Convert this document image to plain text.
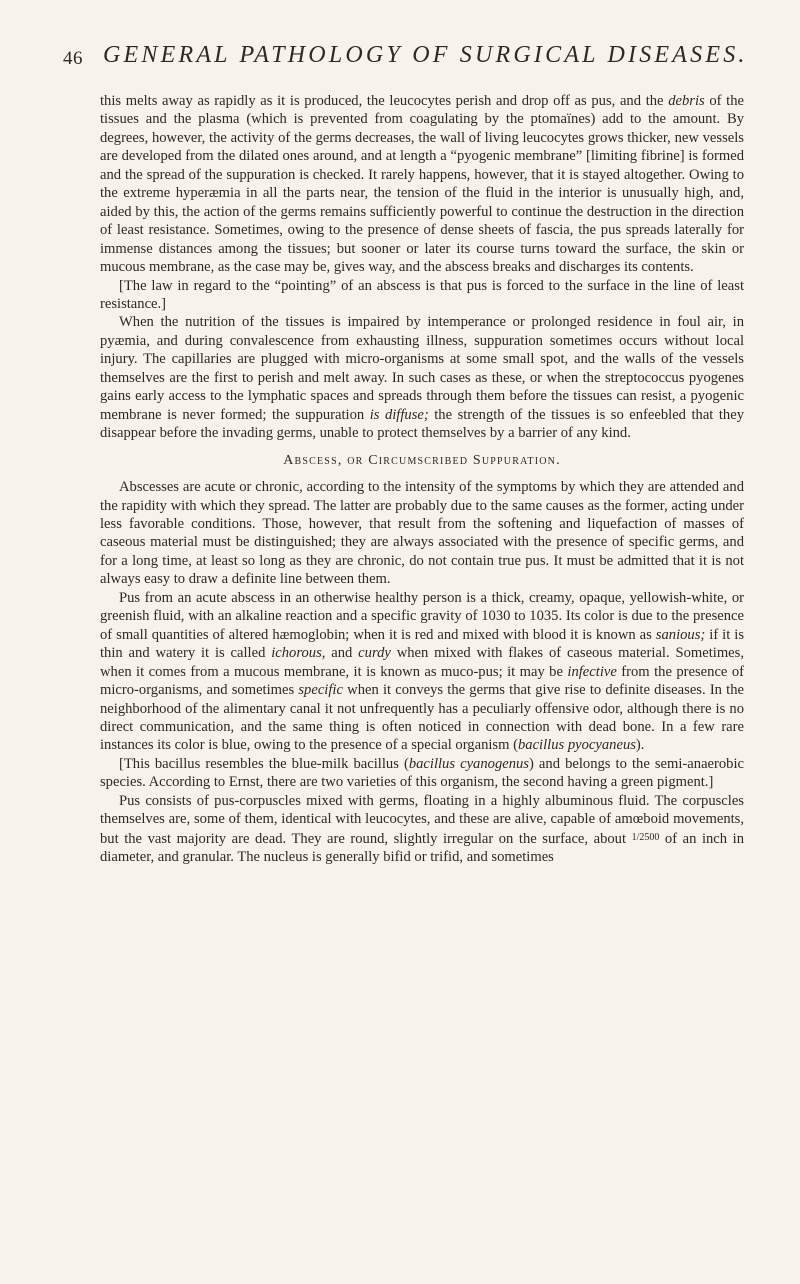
46 GENERAL PATHOLOGY OF SURGICAL DISEASES.

this melts away as rapidly as it is produced, the leucocytes perish and drop off as pus, and the debris of the tissues and the plasma (which is prevented from coagulating by the ptomaïnes) add to the amount. By degrees, however, the activity of the germs decreases, the wall of living leucocytes grows thicker, new vessels are developed from the dilated ones around, and at length a “pyogenic membrane” [limiting fibrine] is formed and the spread of the suppuration is checked. It rarely happens, however, that it is stayed altogether. Owing to the extreme hyperæmia in all the parts near, the tension of the fluid in the interior is unusually high, and, aided by this, the action of the germs remains sufficiently powerful to continue the destruction in the direction of least resistance. Sometimes, owing to the presence of dense sheets of fascia, the pus spreads laterally for immense distances among the tissues; but sooner or later its course turns toward the surface, the skin or mucous membrane, as the case may be, gives way, and the abscess breaks and discharges its contents.

[The law in regard to the “pointing” of an abscess is that pus is forced to the surface in the line of least resistance.]

When the nutrition of the tissues is impaired by intemperance or prolonged residence in foul air, in pyæmia, and during convalescence from exhausting illness, suppuration sometimes occurs without local injury. The capillaries are plugged with micro-organisms at some small spot, and the walls of the vessels themselves are the first to perish and melt away. In such cases as these, or when the streptococcus pyogenes gains early access to the lymphatic spaces and spreads through them before the tissues can resist, a pyogenic membrane is never formed; the suppuration is diffuse; the strength of the tissues is so enfeebled that they disappear before the invading germs, unable to protect themselves by a barrier of any kind.

Abscess, or Circumscribed Suppuration.

Abscesses are acute or chronic, according to the intensity of the symptoms by which they are attended and the rapidity with which they spread. The latter are probably due to the same causes as the former, acting under less favorable conditions. Those, however, that result from the softening and liquefaction of masses of caseous material must be distinguished; they are always associated with the presence of specific germs, and for a long time, at least so long as they are chronic, do not contain true pus. It must be admitted that it is not always easy to draw a definite line between them.

Pus from an acute abscess in an otherwise healthy person is a thick, creamy, opaque, yellowish-white, or greenish fluid, with an alkaline reaction and a specific gravity of 1030 to 1035. Its color is due to the presence of small quantities of altered hæmoglobin; when it is red and mixed with blood it is known as sanious; if it is thin and watery it is called ichorous, and curdy when mixed with flakes of caseous material. Sometimes, when it comes from a mucous membrane, it is known as muco-pus; it may be infective from the presence of micro-organisms, and sometimes specific when it conveys the germs that give rise to definite diseases. In the neighborhood of the alimentary canal it not unfrequently has a peculiarly offensive odor, although there is no direct communication, and the same thing is often noticed in connection with dead bone. In a few rare instances its color is blue, owing to the presence of a special organism (bacillus pyocyaneus).

[This bacillus resembles the blue-milk bacillus (bacillus cyanogenus) and belongs to the semi-anaerobic species. According to Ernst, there are two varieties of this organism, the second having a green pigment.]

Pus consists of pus-corpuscles mixed with germs, floating in a highly albuminous fluid. The corpuscles themselves are, some of them, identical with leucocytes, and these are alive, capable of amœboid movements, but the vast majority are dead. They are round, slightly irregular on the surface, about $^{1/2500}$ of an inch in diameter, and granular. The nucleus is generally bifid or trifid, and sometimes
